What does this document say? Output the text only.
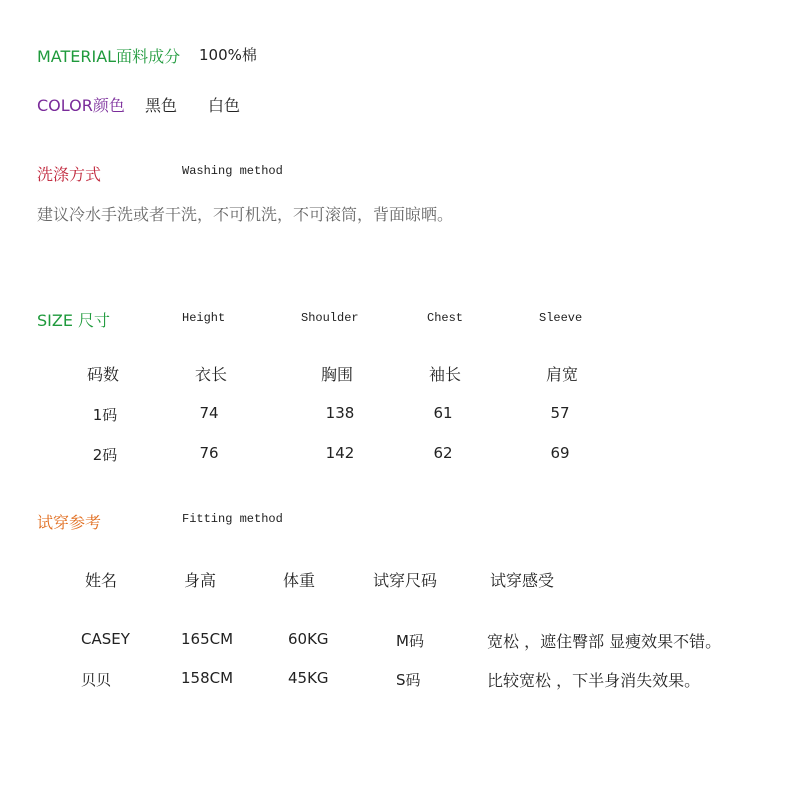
MATERIAL面料成分 100%棉
COLOR颜色 黑色 白色
洗涤方式	Washing method
建议冷水手洗或者干洗，不可机洗，不可滚筒，背面晾晒。
SIZE 尺寸	Height	Shoulder	Chest	Sleeve
码数	衣长	胸围	袖长	肩宽
1码	74	138	61	57
2码	76	142	62	69
试穿参考	Fitting method
姓名	身高	体重	试穿尺码	试穿感受
CASEY	165CM	60KG	M码	宽松 ，遮住臀部 显瘦效果不错。
贝贝	158CM	45KG	S码	比较宽松 ，下半身消失效果。
